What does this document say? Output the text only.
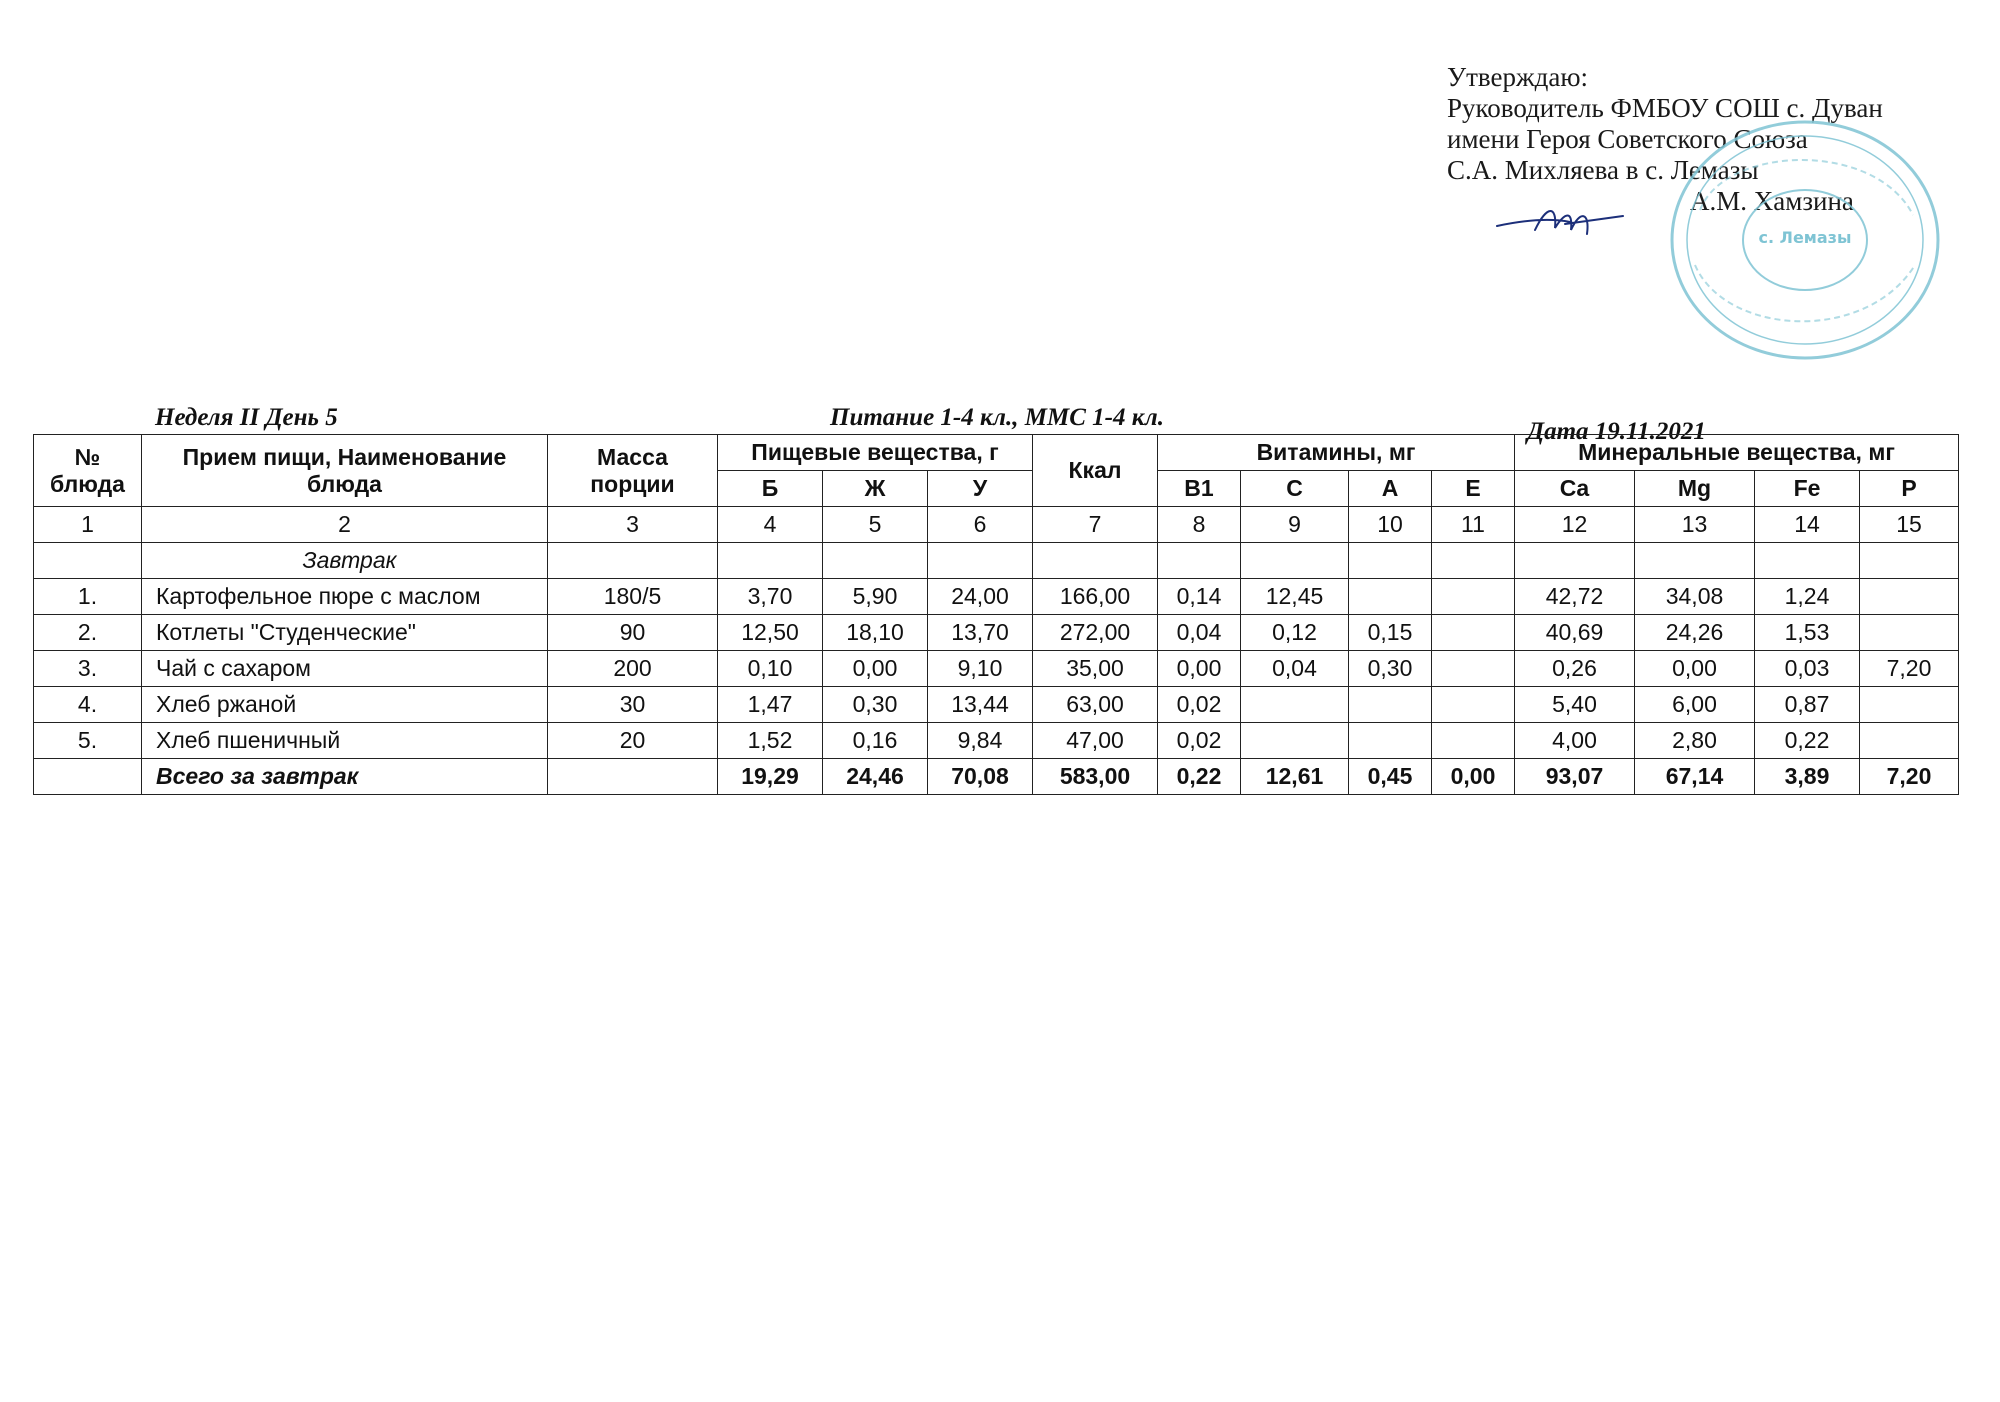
Утверждаю:
Руководитель ФМБОУ СОШ с. Дуван
имени Героя Советского Союза
С.А. Михляева в с. Лемазы
А.М. Хамзина
с. Лемазы
Неделя II День 5	Питание 1-4 кл., ММС 1-4 кл.
Дата 19.11.2021
№ блюда	Прием пищи, Наименование блюда	Масса порции	Пищевые вещества, г			Ккал	Витамины, мг				Минеральные вещества, мг			
			Б	Ж	У		В1	С	А	Е	Ca	Mg	Fe	P
1	2	3	4	5	6	7	8	9	10	11	12	13	14	15
	Завтрак													
1.	Картофельное пюре с маслом	180/5	3,70	5,90	24,00	166,00	0,14	12,45			42,72	34,08	1,24	
2.	Котлеты "Студенческие"	90	12,50	18,10	13,70	272,00	0,04	0,12	0,15		40,69	24,26	1,53	
3.	Чай с сахаром	200	0,10	0,00	9,10	35,00	0,00	0,04	0,30		0,26	0,00	0,03	7,20
4.	Хлеб ржаной	30	1,47	0,30	13,44	63,00	0,02				5,40	6,00	0,87	
5.	Хлеб пшеничный	20	1,52	0,16	9,84	47,00	0,02				4,00	2,80	0,22	
	Всего за завтрак		19,29	24,46	70,08	583,00	0,22	12,61	0,45	0,00	93,07	67,14	3,89	7,20
